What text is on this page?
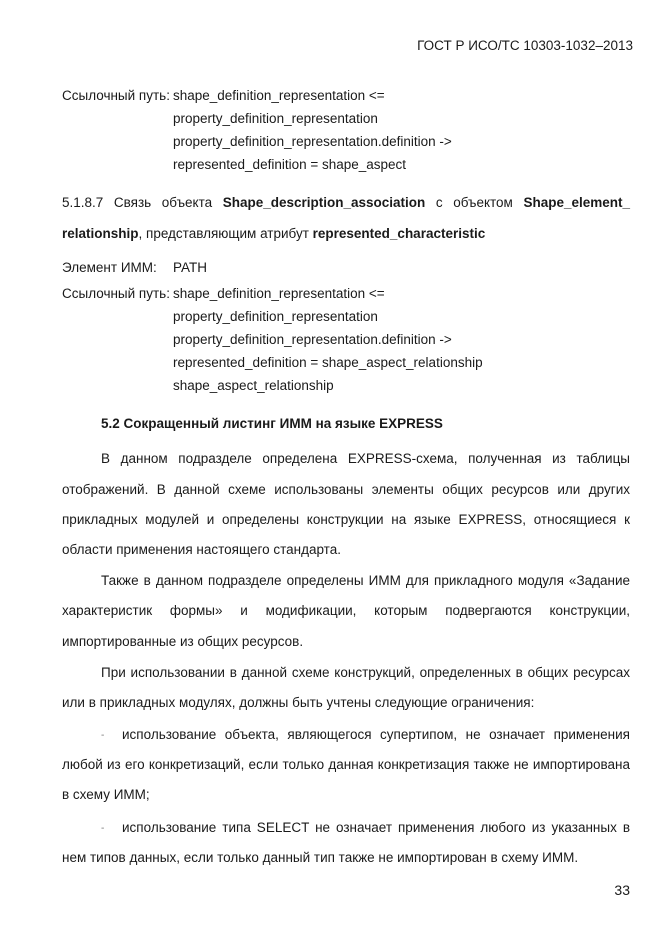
ГОСТ Р ИСО/ТС 10303-1032–2013
Ссылочный путь: shape_definition_representation <=
property_definition_representation
property_definition_representation.definition ->
represented_definition = shape_aspect
5.1.8.7 Связь объекта Shape_description_association с объектом Shape_element_
relationship, представляющим атрибут represented_characteristic
Элемент ИММ: PATH
Ссылочный путь: shape_definition_representation <=
property_definition_representation
property_definition_representation.definition ->
represented_definition = shape_aspect_relationship
shape_aspect_relationship
5.2 Сокращенный листинг ИММ на языке EXPRESS
В данном подразделе определена EXPRESS-схема, полученная из таблицы
отображений. В данной схеме использованы элементы общих ресурсов или других
прикладных модулей и определены конструкции на языке EXPRESS, относящиеся к
области применения настоящего стандарта.
Также в данном подразделе определены ИММ для прикладного модуля «Задание
характеристик формы» и модификации, которым подвергаются конструкции,
импортированные из общих ресурсов.
При использовании в данной схеме конструкций, определенных в общих ресурсах
или в прикладных модулях, должны быть учтены следующие ограничения:
- использование объекта, являющегося супертипом, не означает применения
любой из его конкретизаций, если только данная конкретизация также не импортирована
в схему ИММ;
- использование типа SELECT не означает применения любого из указанных в
нем типов данных, если только данный тип также не импортирован в схему ИММ.
33
